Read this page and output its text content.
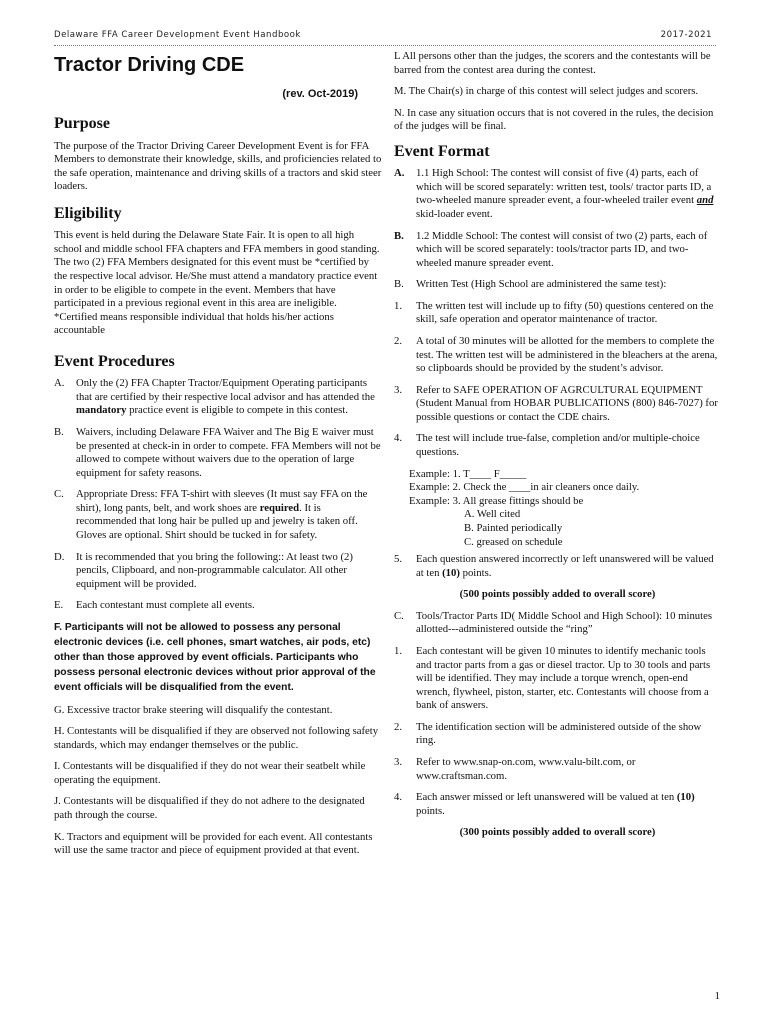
Delaware FFA Career Development Event Handbook	2017-2021
Tractor Driving CDE
(rev. Oct-2019)
Purpose

The purpose of the Tractor Driving Career Development Event is for FFA Members to demonstrate their knowledge, skills, and proficiencies related to the safe operation, maintenance and driving skills of a tractors and skid steer loaders.

Eligibility

This event is held during the Delaware State Fair. It is open to all high school and middle school FFA chapters and FFA members in good standing. The two (2) FFA Members designated for this event must be *certified by the respective local advisor. He/She must attend a mandatory practice event in order to be eligible to compete in the event. Members that have participated in a previous regional event in this area are ineligible.
*Certified means responsible individual that holds his/her actions accountable

Event Procedures
A.	Only the (2) FFA Chapter Tractor/Equipment Operating participants that are certified by their respective local advisor and has attended the mandatory practice event is eligible to compete in this contest.
B.	Waivers, including Delaware FFA Waiver and The Big E waiver must be presented at check-in in order to compete. FFA Members will not be allowed to compete without waivers due to the operation of large equipment for safety reasons.
C.	Appropriate Dress: FFA T-shirt with sleeves (It must say FFA on the shirt), long pants, belt, and work shoes are required. It is recommended that long hair be pulled up and jewelry is taken off. Gloves are optional. Shirt should be tucked in for safety.
D.	It is recommended that you bring the following:: At least two (2) pencils, Clipboard, and non-programmable calculator. All other equipment will be provided.
E.	Each contestant must complete all events.
F. Participants will not be allowed to possess any personal electronic devices (i.e. cell phones, smart watches, air pods, etc) other than those approved by event officials. Participants who possess personal electronic devices without prior approval of the event officials will be disqualified from the event.

G. Excessive tractor brake steering will disqualify the contestant.

H. Contestants will be disqualified if they are observed not following safety standards, which may endanger themselves or the public.

I. Contestants will be disqualified if they do not wear their seatbelt while operating the equipment.

J. Contestants will be disqualified if they do not adhere to the designated path through the course.

K. Tractors and equipment will be provided for each event. All contestants will use the same tractor and piece of equipment provided at that event.

L All persons other than the judges, the scorers and the contestants will be barred from the contest area during the contest.

M. The Chair(s) in charge of this contest will select judges and scorers.

N. In case any situation occurs that is not covered in the rules, the decision of the judges will be final.

Event Format
A.	1.1 High School: The contest will consist of five (4) parts, each of which will be scored separately: written test, tools/ tractor parts ID, a two-wheeled manure spreader event, a four-wheeled trailer event and skid-loader event.
B.	1.2 Middle School: The contest will consist of two (2) parts, each of which will be scored separately: tools/tractor parts ID, and two-wheeled manure spreader event.
B.	Written Test (High School are administered the same test):
1.	The written test will include up to fifty (50) questions centered on the skill, safe operation and operator maintenance of tractor.
2.	A total of 30 minutes will be allotted for the members to complete the test. The written test will be administered in the bleachers at the arena, so clipboards should be provided by the student’s advisor.
3.	Refer to SAFE OPERATION OF AGRCULTURAL EQUIPMENT (Student Manual from HOBAR PUBLICATIONS (800) 846-7027) for possible questions or contact the CDE chairs.
4.	The test will include true-false, completion and/or multiple-choice questions.
Example: 1. T____ F_____
Example: 2. Check the ____in air cleaners once daily.
Example: 3. All grease fittings should be
A. Well cited
B. Painted periodically
C. greased on schedule
5.	Each question answered incorrectly or left unanswered will be valued at ten (10) points.
(500 points possibly added to overall score)
C.	Tools/Tractor Parts ID( Middle School and High School): 10 minutes allotted---administered outside the “ring”
1.	Each contestant will be given 10 minutes to identify mechanic tools and tractor parts from a gas or diesel tractor. Up to 30 tools and parts will be identified. They may include a torque wrench, open-end wrench, flywheel, piston, starter, etc. Contestants will choose from a bank of answers.
2.	The identification section will be administered outside of the show ring.
3.	Refer to www.snap-on.com, www.valu-bilt.com, or www.craftsman.com.
4.	Each answer missed or left unanswered will be valued at ten (10) points.
(300 points possibly added to overall score)
1
